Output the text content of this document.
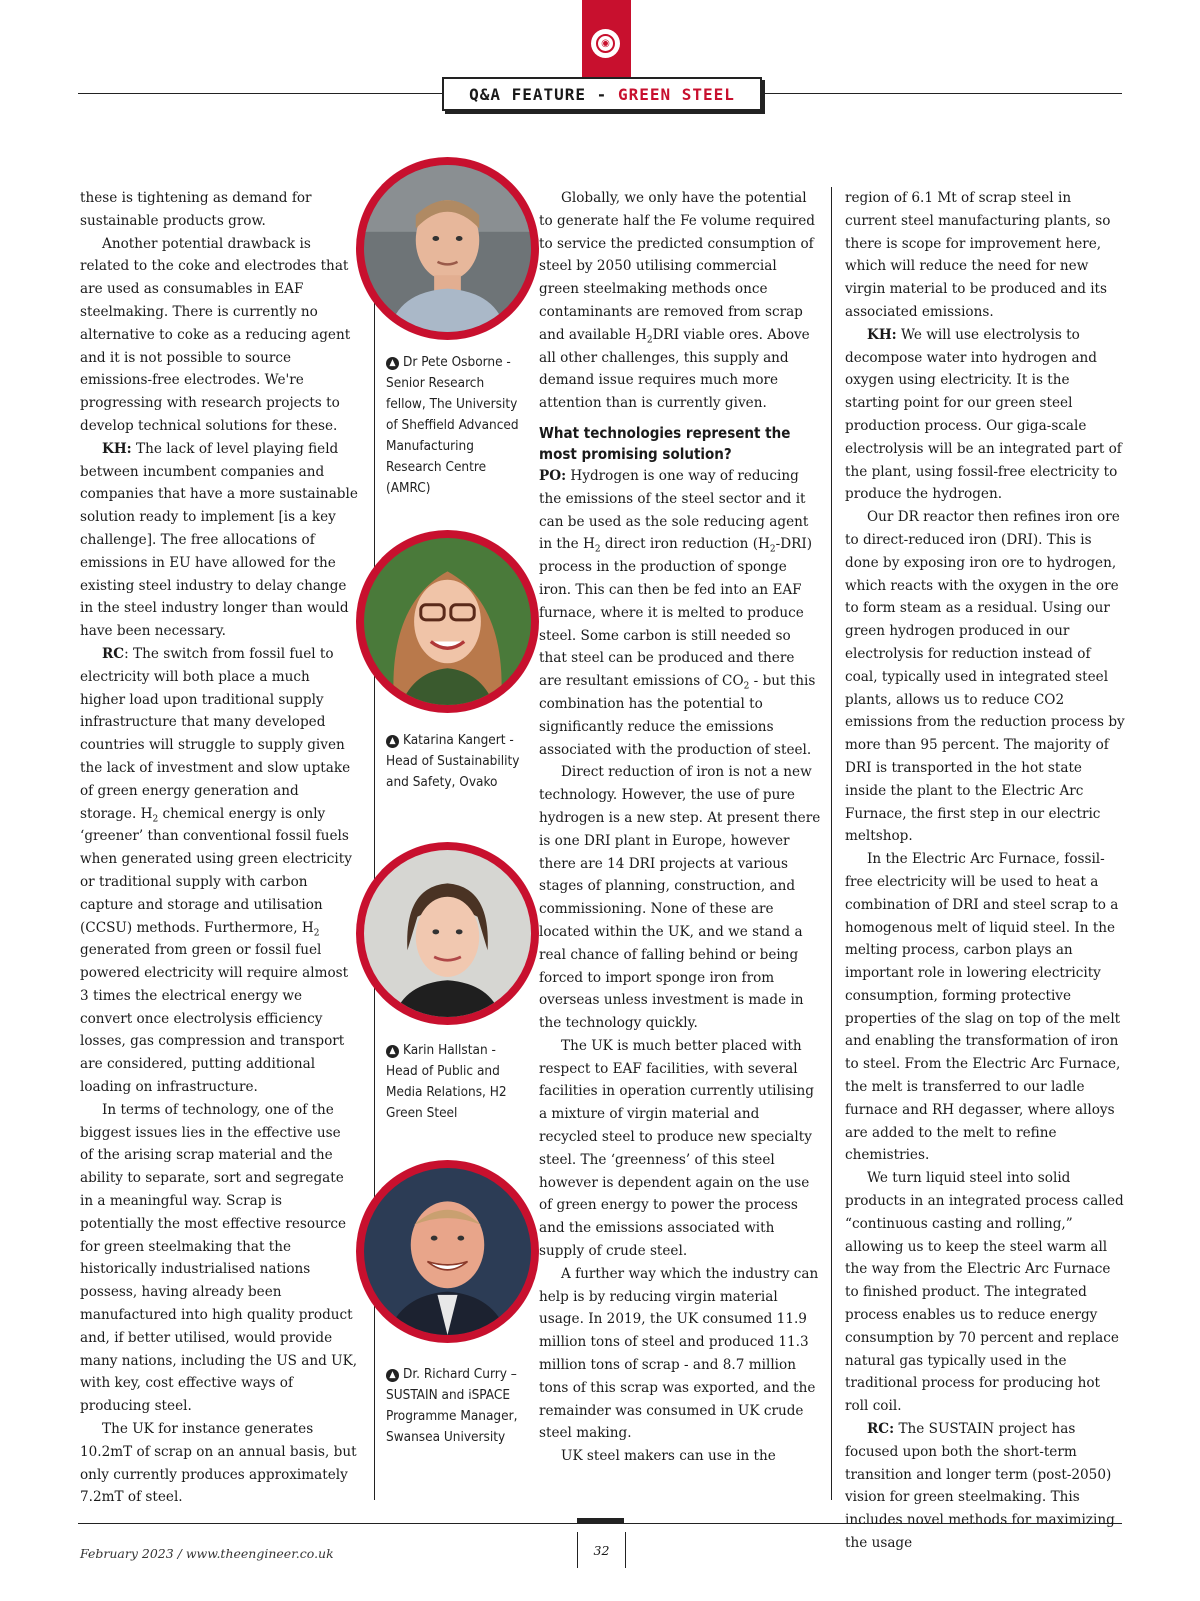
◉
Q&A FEATURE -
GREEN STEEL

these is tightening as demand for sustainable products grow.

Another potential drawback is related to the coke and electrodes that are used as consumables in EAF steelmaking. There is currently no alternative to coke as a reducing agent and it is not possible to source emissions-free electrodes. We're progressing with research projects to develop technical solutions for these.

KH: The lack of level playing field between incumbent companies and companies that have a more sustainable solution ready to implement [is a key challenge]. The free allocations of emissions in EU have allowed for the existing steel industry to delay change in the steel industry longer than would have been necessary.

RC: The switch from fossil fuel to electricity will both place a much higher load upon traditional supply infrastructure that many developed countries will struggle to supply given the lack of investment and slow uptake of green energy generation and storage. $H_2$ chemical energy is only ‘greener’ than conventional fossil fuels when generated using green electricity or traditional supply with carbon capture and storage and utilisation (CCSU) methods. Furthermore, $H_2$ generated from green or fossil fuel powered electricity will require almost 3 times the electrical energy we convert once electrolysis efficiency losses, gas compression and transport are considered, putting additional loading on infrastructure.

In terms of technology, one of the biggest issues lies in the effective use of the arising scrap material and the ability to separate, sort and segregate in a meaningful way. Scrap is potentially the most effective resource for green steelmaking that the historically industrialised nations possess, having already been manufactured into high quality product and, if better utilised, would provide many nations, including the US and UK, with key, cost effective ways of producing steel.

The UK for instance generates 10.2mT of scrap on an annual basis, but only currently produces approximately 7.2mT of steel.

▲ Dr Pete Osborne - Senior Research fellow, The University of Sheffield Advanced Manufacturing Research Centre (AMRC)
▲ Katarina Kangert - Head of Sustainability and Safety, Ovako
▲ Karin Hallstan - Head of Public and Media Relations, H2 Green Steel
▲ Dr. Richard Curry –SUSTAIN and iSPACE Programme Manager, Swansea University

Globally, we only have the potential to generate half the Fe volume required to service the predicted consumption of steel by 2050 utilising commercial green steelmaking methods once contaminants are removed from scrap and available $H_2DRI$ viable ores. Above all other challenges, this supply and demand issue requires much more attention than is currently given.

What technologies represent the most promising solution?

PO: Hydrogen is one way of reducing the emissions of the steel sector and it can be used as the sole reducing agent in the $H_2$ direct iron reduction $(H_2-DRI)$ process in the production of sponge iron. This can then be fed into an EAF furnace, where it is melted to produce steel. Some carbon is still needed so that steel can be produced and there are resultant emissions of $CO_2$ - but this combination has the potential to significantly reduce the emissions associated with the production of steel.

Direct reduction of iron is not a new technology. However, the use of pure hydrogen is a new step. At present there is one DRI plant in Europe, however there are 14 DRI projects at various stages of planning, construction, and commissioning. None of these are located within the UK, and we stand a real chance of falling behind or being forced to import sponge iron from overseas unless investment is made in the technology quickly.

The UK is much better placed with respect to EAF facilities, with several facilities in operation currently utilising a mixture of virgin material and recycled steel to produce new specialty steel. The ‘greenness’ of this steel however is dependent again on the use of green energy to power the process and the emissions associated with supply of crude steel.

A further way which the industry can help is by reducing virgin material usage. In 2019, the UK consumed 11.9 million tons of steel and produced 11.3 million tons of scrap - and 8.7 million tons of this scrap was exported, and the remainder was consumed in UK crude steel making.

UK steel makers can use in the

region of 6.1 Mt of scrap steel in current steel manufacturing plants, so there is scope for improvement here, which will reduce the need for new virgin material to be produced and its associated emissions.

KH: We will use electrolysis to decompose water into hydrogen and oxygen using electricity. It is the starting point for our green steel production process. Our giga-scale electrolysis will be an integrated part of the plant, using fossil-free electricity to produce the hydrogen.

Our DR reactor then refines iron ore to direct-reduced iron (DRI). This is done by exposing iron ore to hydrogen, which reacts with the oxygen in the ore to form steam as a residual. Using our green hydrogen produced in our electrolysis for reduction instead of coal, typically used in integrated steel plants, allows us to reduce CO2 emissions from the reduction process by more than 95 percent. The majority of DRI is transported in the hot state inside the plant to the Electric Arc Furnace, the first step in our electric meltshop.

In the Electric Arc Furnace, fossil-free electricity will be used to heat a combination of DRI and steel scrap to a homogenous melt of liquid steel. In the melting process, carbon plays an important role in lowering electricity consumption, forming protective properties of the slag on top of the melt and enabling the transformation of iron to steel. From the Electric Arc Furnace, the melt is transferred to our ladle furnace and RH degasser, where alloys are added to the melt to refine chemistries.

We turn liquid steel into solid products in an integrated process called “continuous casting and rolling,” allowing us to keep the steel warm all the way from the Electric Arc Furnace to finished product. The integrated process enables us to reduce energy consumption by 70 percent and replace natural gas typically used in the traditional process for producing hot roll coil.

RC: The SUSTAIN project has focused upon both the short-term transition and longer term (post-2050) vision for green steelmaking. This includes novel methods for maximizing the usage

February 2023 / www.theengineer.co.uk	32
